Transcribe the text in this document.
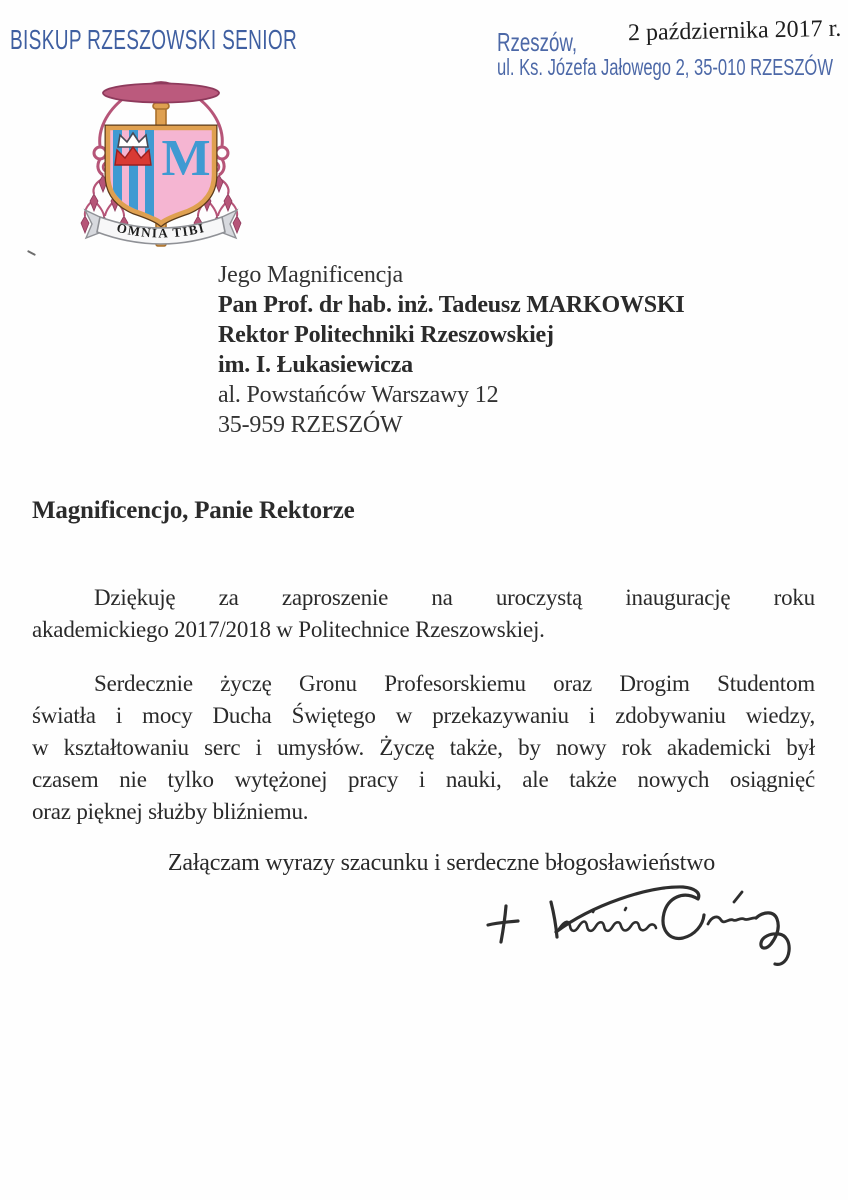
BISKUP RZESZOWSKI SENIOR	Rzeszów, 2 października 2017 r.
ul. Ks. Józefa Jałowego 2, 35-010 RZESZÓW
M
OMNIA TIBI
Jego Magnificencja
Pan Prof. dr hab. inż. Tadeusz MARKOWSKI
Rektor Politechniki Rzeszowskiej
im. I. Łukasiewicza
al. Powstańców Warszawy 12
35-959 RZESZÓW
Magnificencjo, Panie Rektorze
Dziękuję za zaproszenie na uroczystą inaugurację roku
akademickiego 2017/2018 w Politechnice Rzeszowskiej.
Serdecznie życzę Gronu Profesorskiemu oraz Drogim Studentom
światła i mocy Ducha Świętego w przekazywaniu i zdobywaniu wiedzy,
w kształtowaniu serc i umysłów. Życzę także, by nowy rok akademicki był
czasem nie tylko wytężonej pracy i nauki, ale także nowych osiągnięć
oraz pięknej służby bliźniemu.
Załączam wyrazy szacunku i serdeczne błogosławieństwo
